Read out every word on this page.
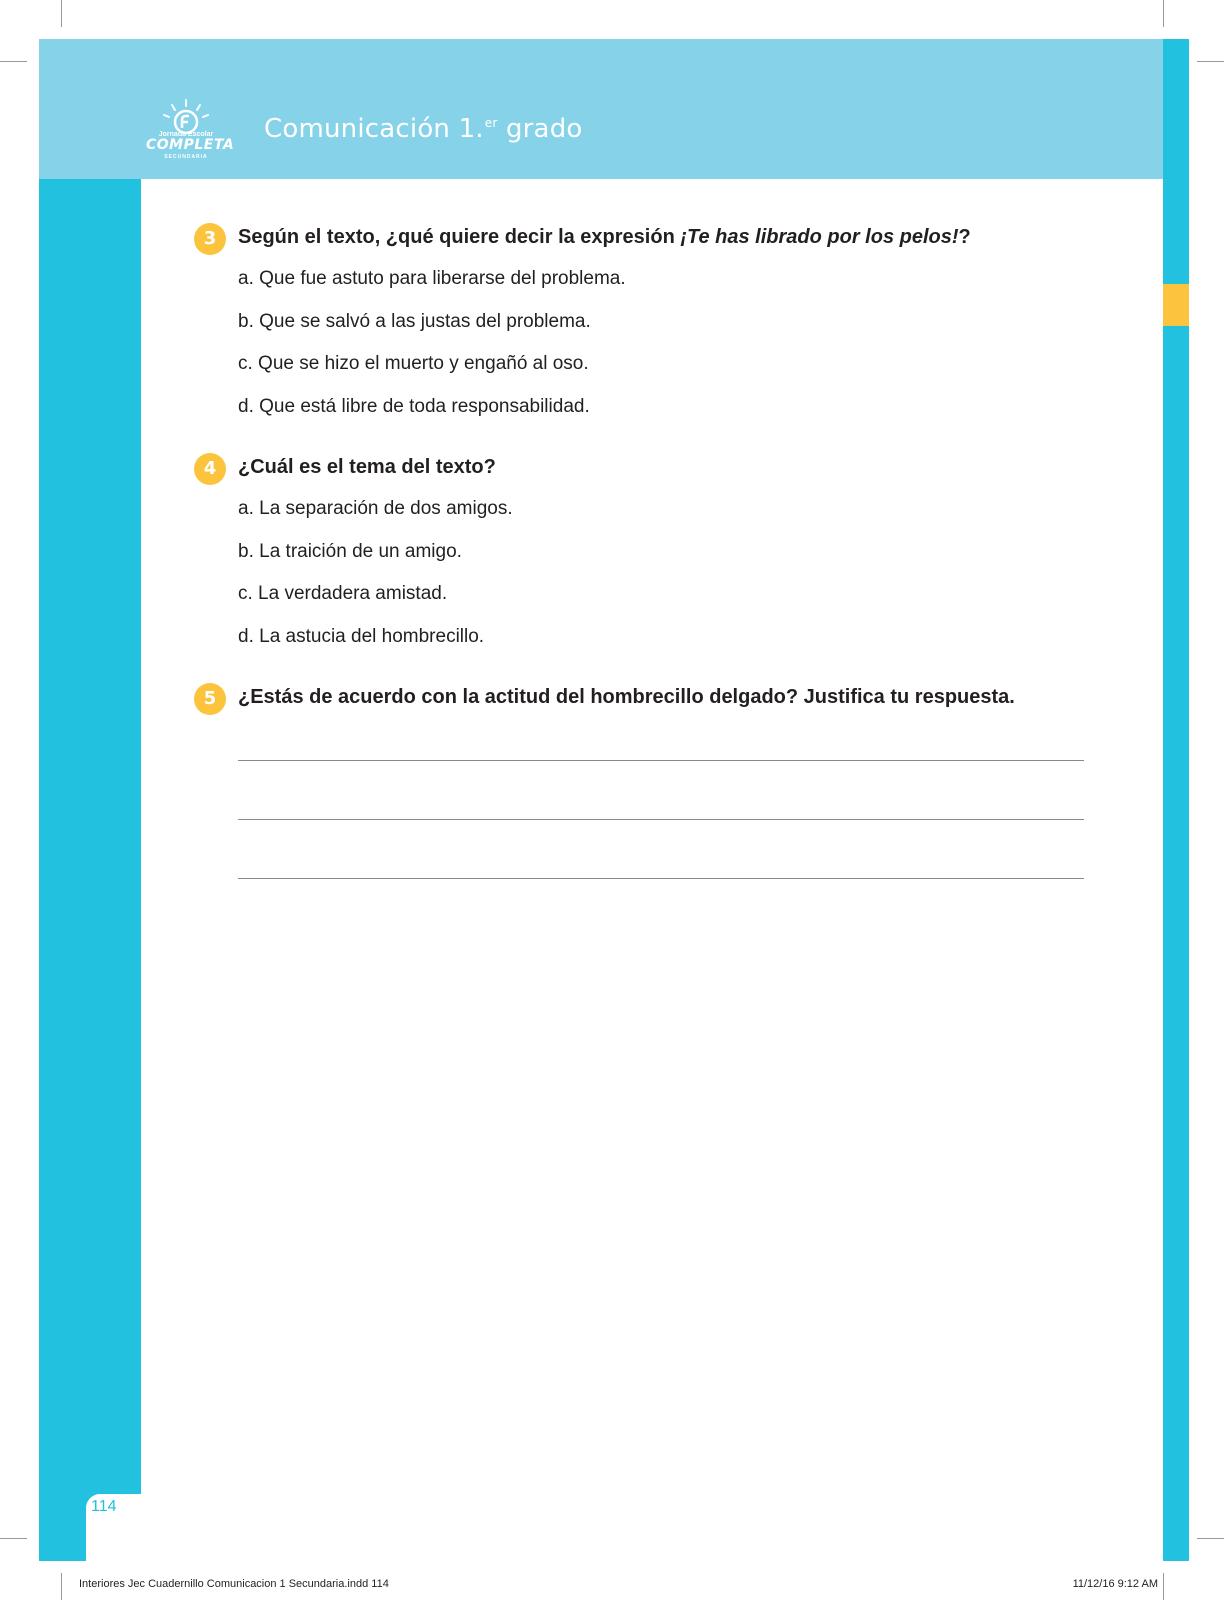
Jornada Escolar
COMPLETA
SECUNDARIA
Comunicación 1.$^{er}$ grado
3	Según el texto, ¿qué quiere decir la expresión ¡Te has librado por los pelos!?
a. Que fue astuto para liberarse del problema.
b. Que se salvó a las justas del problema.
c. Que se hizo el muerto y engañó al oso.
d. Que está libre de toda responsabilidad.
4	¿Cuál es el tema del texto?
a. La separación de dos amigos.
b. La traición de un amigo.
c. La verdadera amistad.
d. La astucia del hombrecillo.
5	¿Estás de acuerdo con la actitud del hombrecillo delgado? Justifica tu respuesta.
114
Interiores Jec Cuadernillo Comunicacion 1 Secundaria.indd 114	11/12/16 9:12 AM
